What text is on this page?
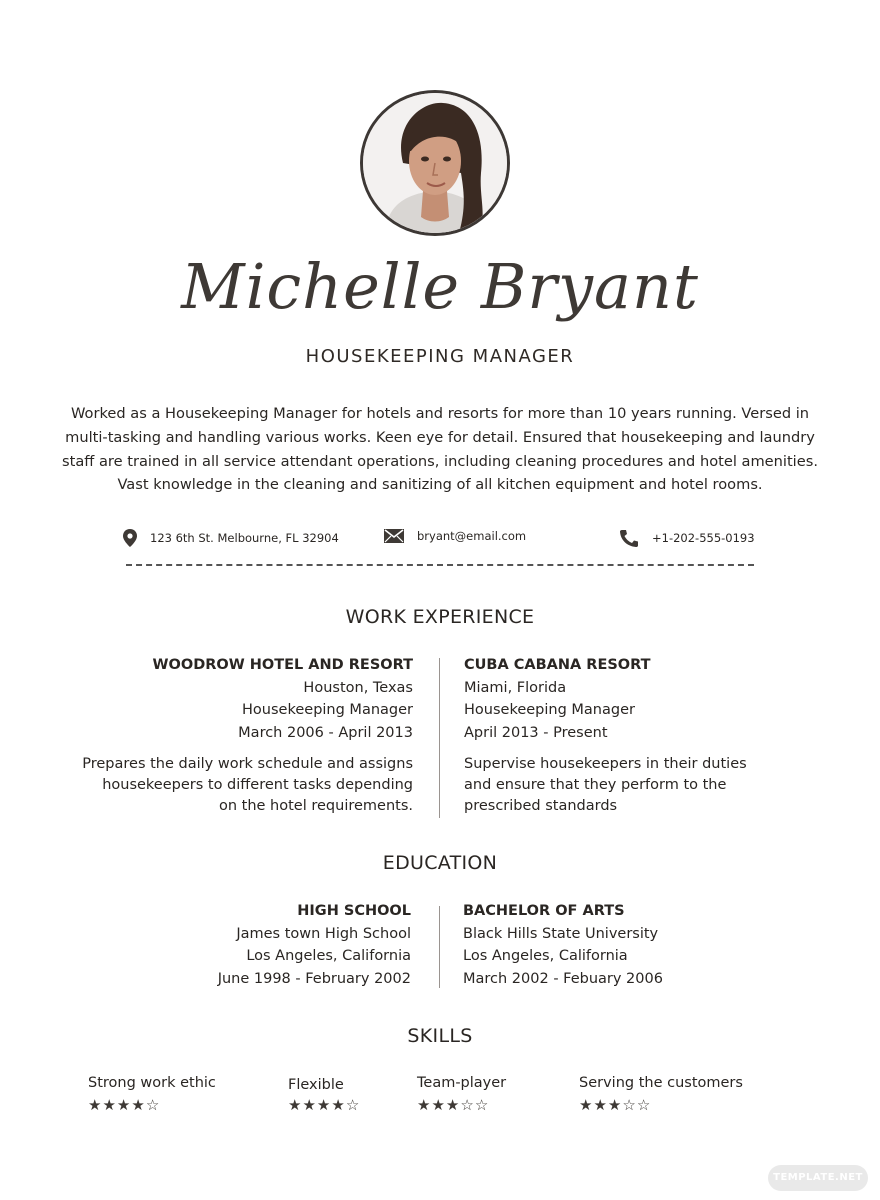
Michelle Bryant
HOUSEKEEPING MANAGER
Worked as a Housekeeping Manager for hotels and resorts for more than 10 years running. Versed in multi-tasking and handling various works. Keen eye for detail. Ensured that housekeeping and laundry staff are trained in all service attendant operations, including cleaning procedures and hotel amenities. Vast knowledge in the cleaning and sanitizing of all kitchen equipment and hotel rooms.
123 6th St. Melbourne, FL 32904	bryant@email.com	+1-202-555-0193
WORK EXPERIENCE
WOODROW HOTEL AND RESORT
Houston, Texas
Housekeeping Manager
March 2006 - April 2013
Prepares the daily work schedule and assigns
housekeepers to different tasks depending
on the hotel requirements.
CUBA CABANA RESORT
Miami, Florida
Housekeeping Manager
April 2013 - Present
Supervise housekeepers in their duties
and ensure that they perform to the
prescribed standards
EDUCATION
HIGH SCHOOL
James town High School
Los Angeles, California
June 1998 - February 2002
BACHELOR OF ARTS
Black Hills State University
Los Angeles, California
March 2002 - Febuary 2006
SKILLS
Strong work ethic
★★★★☆
Flexible
★★★★☆
Team-player
★★★☆☆
Serving the customers
★★★☆☆
TEMPLATE.NET
